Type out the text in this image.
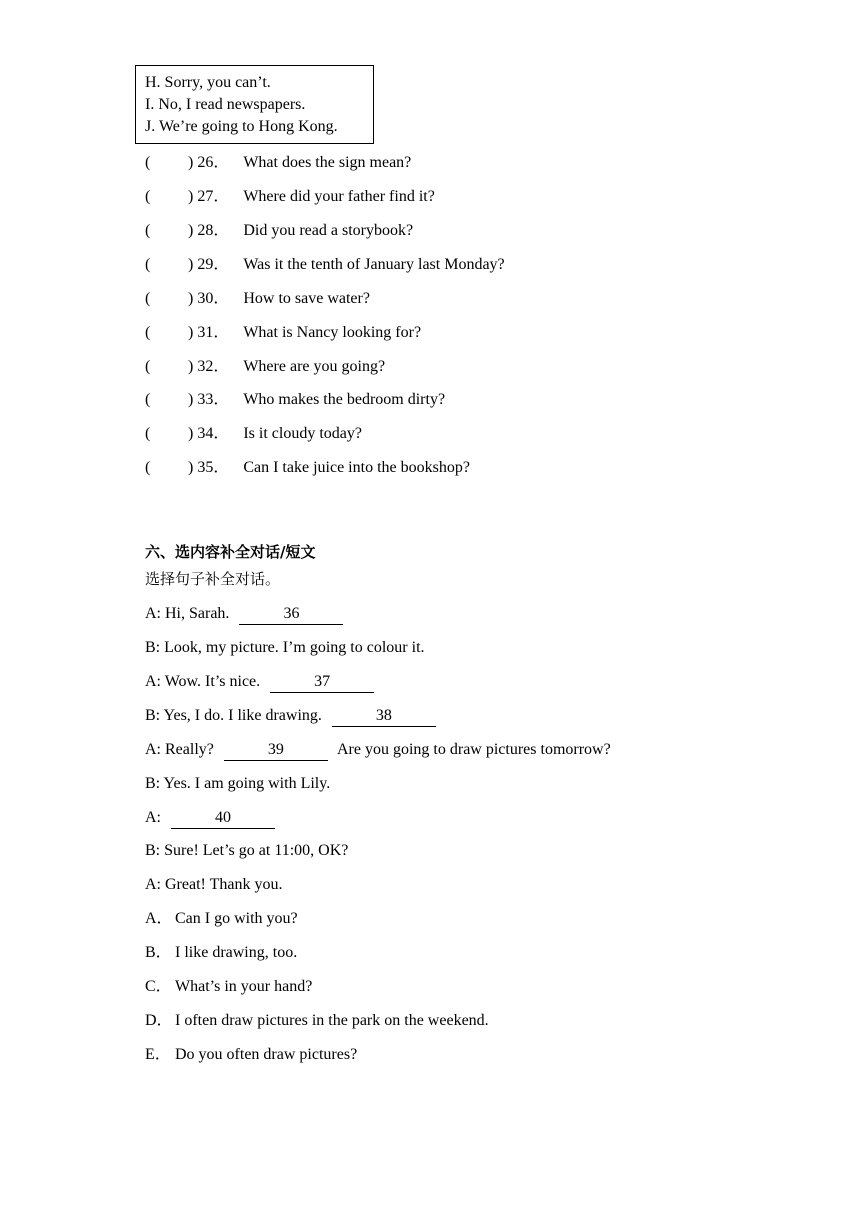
H. Sorry, you can’t.
I. No, I read newspapers.
J. We’re going to Hong Kong.
( ) 26． What does the sign mean?
( ) 27． Where did your father find it?
( ) 28． Did you read a storybook?
( ) 29． Was it the tenth of January last Monday?
( ) 30． How to save water?
( ) 31． What is Nancy looking for?
( ) 32． Where are you going?
( ) 33． Who makes the bedroom dirty?
( ) 34． Is it cloudy today?
( ) 35． Can I take juice into the bookshop?
六、选内容补全对话/短文
选择句子补全对话。
A: Hi, Sarah.	36
B: Look, my picture. I’m going to colour it.
A: Wow. It’s nice.	37
B: Yes, I do. I like drawing.	38
A: Really?	39	Are you going to draw pictures tomorrow?
B: Yes. I am going with Lily.
A:	40
B: Sure! Let’s go at 11:00, OK?
A: Great! Thank you.
A． Can I go with you?
B． I like drawing, too.
C． What’s in your hand?
D． I often draw pictures in the park on the weekend.
E． Do you often draw pictures?
